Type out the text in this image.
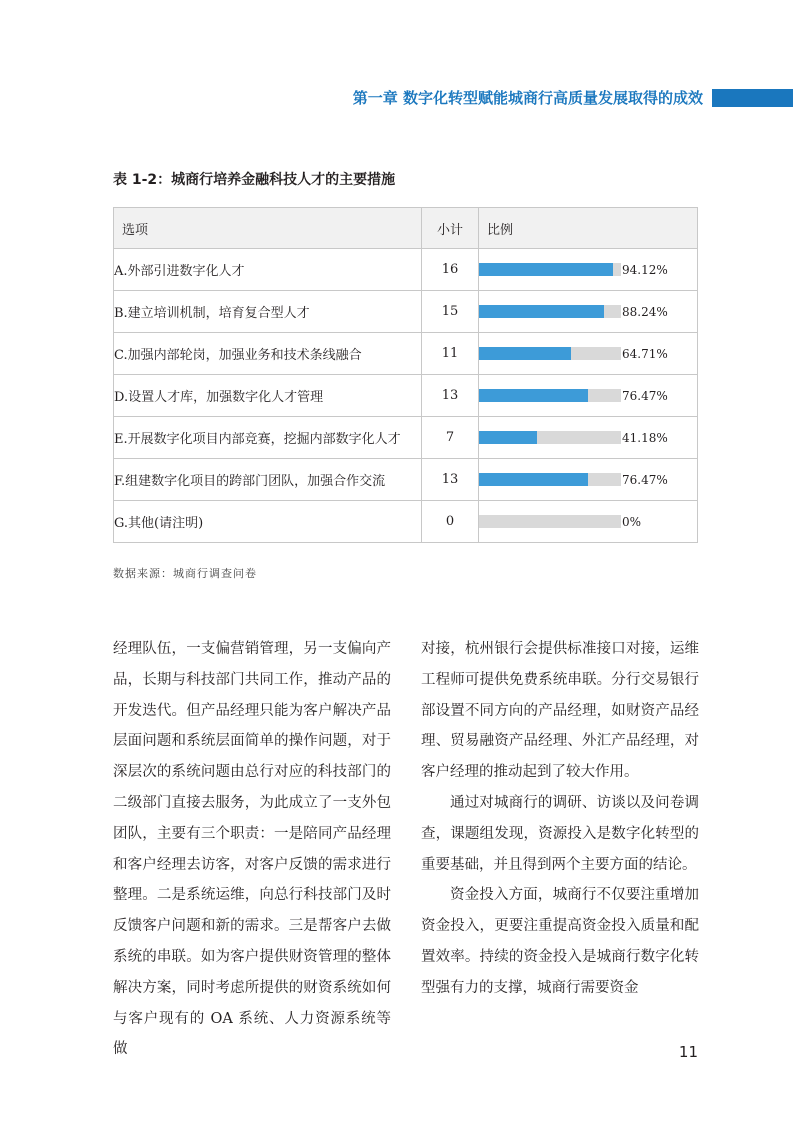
第一章 数字化转型赋能城商行高质量发展取得的成效
表 1-2：城商行培养金融科技人才的主要措施
选项	小计	比例
A.外部引进数字化人才	16	94.12%

B.建立培训机制，培育复合型人才	15	88.24%

C.加强内部轮岗，加强业务和技术条线融合	11	64.71%

D.设置人才库，加强数字化人才管理	13	76.47%

E.开展数字化项目内部竞赛，挖掘内部数字化人才	7	41.18%

F.组建数字化项目的跨部门团队，加强合作交流	13	76.47%

G.其他(请注明)	0	0%
数据来源：城商行调查问卷

经理队伍，一支偏营销管理，另一支偏向产品，长期与科技部门共同工作，推动产品的开发迭代。但产品经理只能为客户解决产品层面问题和系统层面简单的操作问题，对于深层次的系统问题由总行对应的科技部门的二级部门直接去服务，为此成立了一支外包团队，主要有三个职责：一是陪同产品经理和客户经理去访客，对客户反馈的需求进行整理。二是系统运维，向总行科技部门及时反馈客户问题和新的需求。三是帮客户去做系统的串联。如为客户提供财资管理的整体解决方案，同时考虑所提供的财资系统如何与客户现有的 OA 系统、人力资源系统等做

对接，杭州银行会提供标准接口对接，运维工程师可提供免费系统串联。分行交易银行部设置不同方向的产品经理，如财资产品经理、贸易融资产品经理、外汇产品经理，对客户经理的推动起到了较大作用。

通过对城商行的调研、访谈以及问卷调查，课题组发现，资源投入是数字化转型的重要基础，并且得到两个主要方面的结论。

资金投入方面，城商行不仅要注重增加资金投入，更要注重提高资金投入质量和配置效率。持续的资金投入是城商行数字化转型强有力的支撑，城商行需要资金

11
